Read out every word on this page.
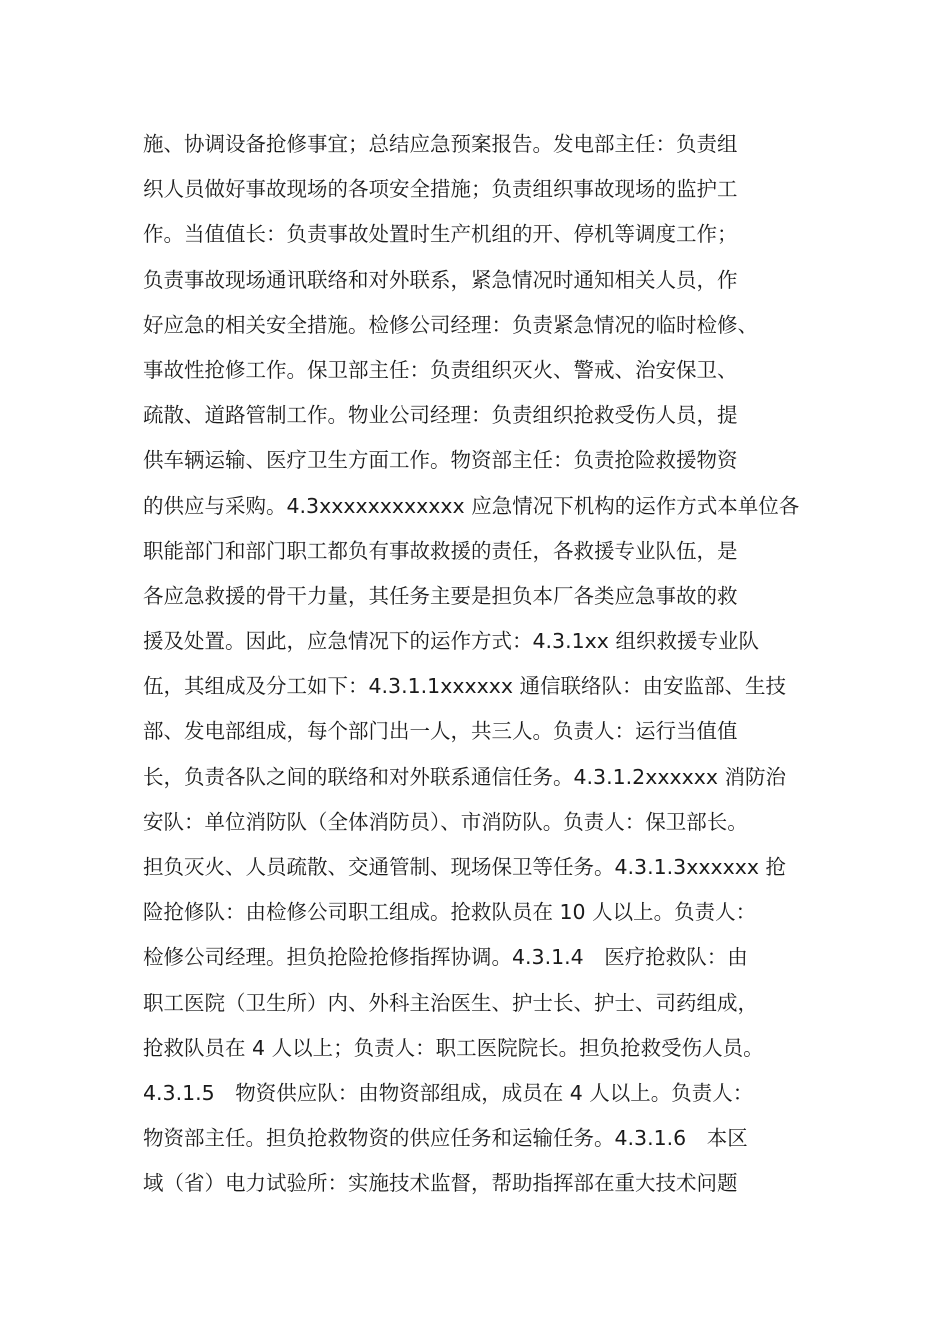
施、协调设备抢修事宜；总结应急预案报告。发电部主任：负责组
织人员做好事故现场的各项安全措施；负责组织事故现场的监护工
作。当值值长：负责事故处置时生产机组的开、停机等调度工作；
负责事故现场通讯联络和对外联系，紧急情况时通知相关人员，作
好应急的相关安全措施。检修公司经理：负责紧急情况的临时检修、
事故性抢修工作。保卫部主任：负责组织灭火、警戒、治安保卫、
疏散、道路管制工作。物业公司经理：负责组织抢救受伤人员，提
供车辆运输、医疗卫生方面工作。物资部主任：负责抢险救援物资
的供应与采购。4.3xxxxxxxxxxxx 应急情况下机构的运作方式本单位各
职能部门和部门职工都负有事故救援的责任，各救援专业队伍，是
各应急救援的骨干力量，其任务主要是担负本厂各类应急事故的救
援及处置。因此，应急情况下的运作方式：4.3.1xx 组织救援专业队
伍，其组成及分工如下：4.3.1.1xxxxxx 通信联络队：由安监部、生技
部、发电部组成，每个部门出一人，共三人。负责人：运行当值值
长，负责各队之间的联络和对外联系通信任务。4.3.1.2xxxxxx 消防治
安队：单位消防队（全体消防员）、市消防队。负责人：保卫部长。
担负灭火、人员疏散、交通管制、现场保卫等任务。4.3.1.3xxxxxx 抢
险抢修队：由检修公司职工组成。抢救队员在 10 人以上。负责人：
检修公司经理。担负抢险抢修指挥协调。4.3.1.4　医疗抢救队：由
职工医院（卫生所）内、外科主治医生、护士长、护士、司药组成，
抢救队员在 4 人以上；负责人：职工医院院长。担负抢救受伤人员。
4.3.1.5　物资供应队：由物资部组成，成员在 4 人以上。负责人：
物资部主任。担负抢救物资的供应任务和运输任务。4.3.1.6　本区
域（省）电力试验所：实施技术监督，帮助指挥部在重大技术问题
